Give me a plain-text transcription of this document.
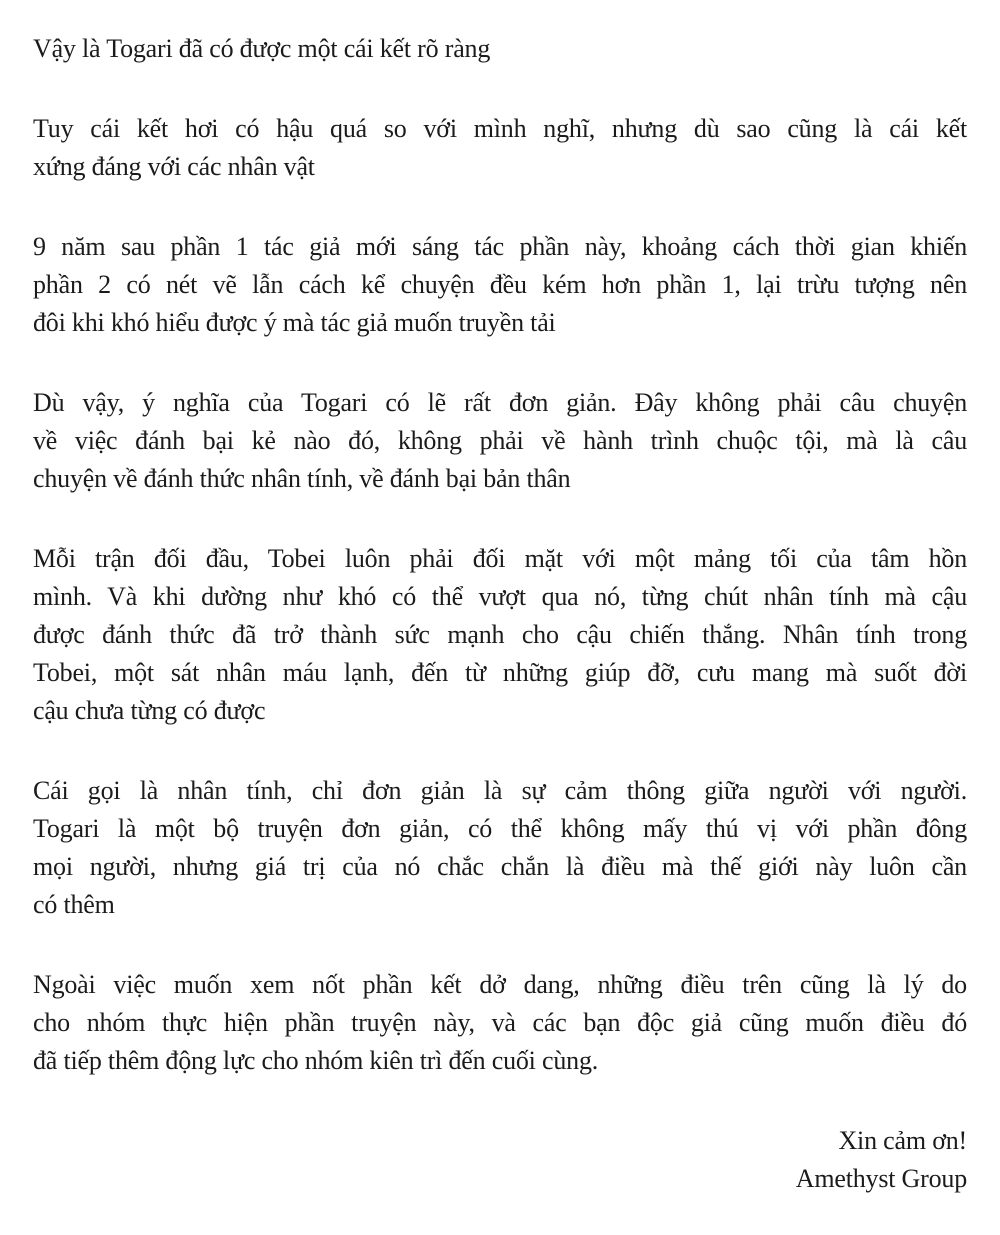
Vậy là Togari đã có được một cái kết rõ ràng

Tuy cái kết hơi có hậu quá so với mình nghĩ, nhưng dù sao cũng là cái kết

xứng đáng với các nhân vật

9 năm sau phần 1 tác giả mới sáng tác phần này, khoảng cách thời gian khiến

phần 2 có nét vẽ lẫn cách kể chuyện đều kém hơn phần 1, lại trừu tượng nên

đôi khi khó hiểu được ý mà tác giả muốn truyền tải

Dù vậy, ý nghĩa của Togari có lẽ rất đơn giản. Đây không phải câu chuyện

về việc đánh bại kẻ nào đó, không phải về hành trình chuộc tội, mà là câu

chuyện về đánh thức nhân tính, về đánh bại bản thân

Mỗi trận đối đầu, Tobei luôn phải đối mặt với một mảng tối của tâm hồn

mình. Và khi dường như khó có thể vượt qua nó, từng chút nhân tính mà cậu

được đánh thức đã trở thành sức mạnh cho cậu chiến thắng. Nhân tính trong

Tobei, một sát nhân máu lạnh, đến từ những giúp đỡ, cưu mang mà suốt đời

cậu chưa từng có được

Cái gọi là nhân tính, chỉ đơn giản là sự cảm thông giữa người với người.

Togari là một bộ truyện đơn giản, có thể không mấy thú vị với phần đông

mọi người, nhưng giá trị của nó chắc chắn là điều mà thế giới này luôn cần

có thêm

Ngoài việc muốn xem nốt phần kết dở dang, những điều trên cũng là lý do

cho nhóm thực hiện phần truyện này, và các bạn độc giả cũng muốn điều đó

đã tiếp thêm động lực cho nhóm kiên trì đến cuối cùng.

Xin cảm ơn!

Amethyst Group
